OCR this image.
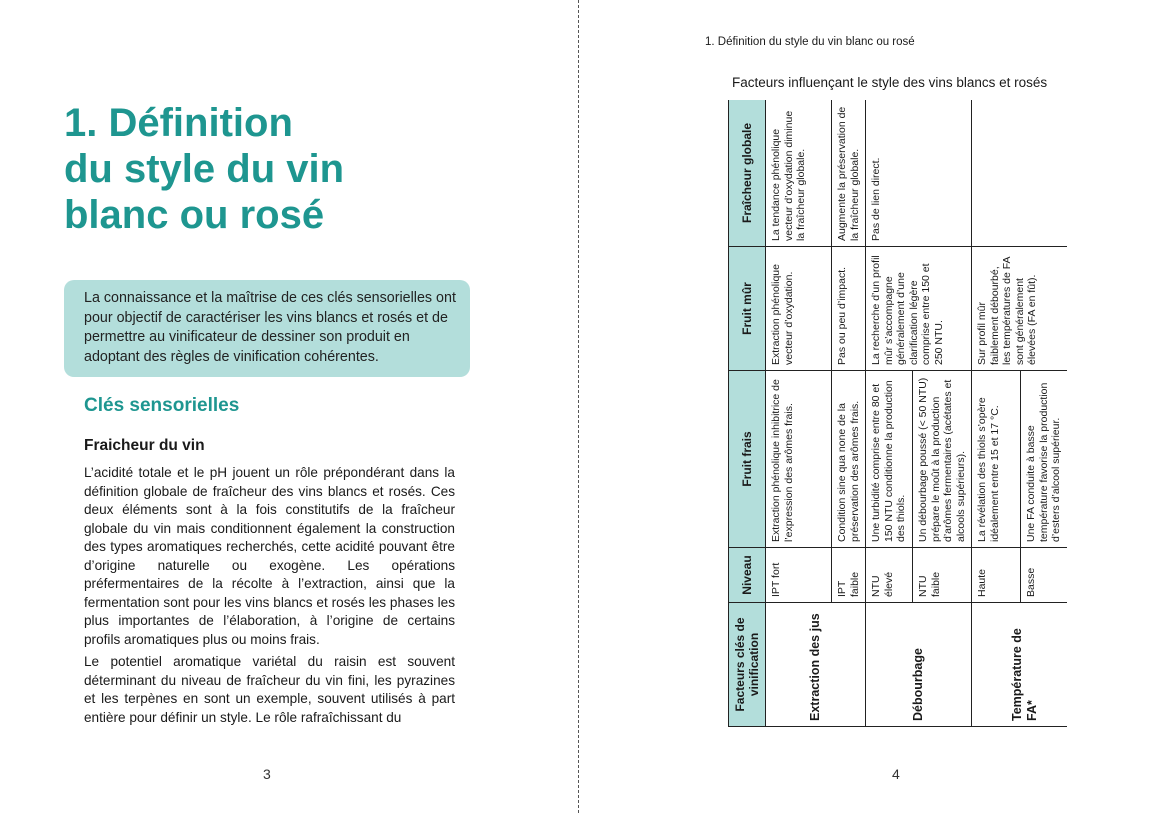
1. Définition
du style du vin
blanc ou rosé
La connaissance et la maîtrise de ces clés sensorielles ont pour objectif de caractériser les vins blancs et rosés et de permettre au vinificateur de dessiner son produit en adoptant des règles de vinification cohérentes.
Clés sensorielles
Fraicheur du vin

L’acidité totale et le pH jouent un rôle prépondérant dans la définition globale de fraîcheur des vins blancs et rosés. Ces deux éléments sont à la fois constitutifs de la fraîcheur globale du vin mais conditionnent également la construction des types aromatiques recherchés, cette acidité pouvant être d’origine naturelle ou exogène. Les opérations préfermentaires de la récolte à l’extraction, ainsi que la fermentation sont pour les vins blancs et rosés les phases les plus importantes de l’élaboration, à l’origine de certains profils aromatiques plus ou moins frais.

Le potentiel aromatique variétal du raisin est souvent déterminant du niveau de fraîcheur du vin fini, les pyrazines et les terpènes en sont un exemple, souvent utilisés à part entière pour définir un style. Le rôle rafraîchissant du

3
1. Définition du style du vin blanc ou rosé
Facteurs influençant le style des vins blancs et rosés
Facteurs clés de vinification	Niveau	Fruit frais	Fruit mûr	Fraîcheur globale
Extraction des jus	IPT fort	Extraction phénolique inhibitrice de l’expression des arômes frais.	Extraction phénolique vecteur d’oxydation.	La tendance phénolique vecteur d’oxydation diminue la fraîcheur globale.
	IPT faible	Condition sine qua none de la préservation des arômes frais.	Pas ou peu d’impact.	Augmente la préservation de la fraîcheur globale.
Débourbage	NTU élevé	Une turbidité comprise entre 80 et 150 NTU conditionne la production des thiols.	La recherche d’un profil mûr s’accompagne généralement d’une clarification légère comprise entre 150 et 250 NTU.	Pas de lien direct.
	NTU faible	Un débourbage poussé (< 50 NTU) prépare le moût à la production d’arômes fermentaires (acétates et alcools supérieurs).		
Température de FA*	Haute	La révélation des thiols s’opère idéalement entre 15 et 17 °C.	Sur profil mûr faiblement débourbé, les températures de FA sont généralement élevées (FA en fût).	
	Basse	Une FA conduite à basse température favorise la production d’esters d’alcool supérieur.		
4
